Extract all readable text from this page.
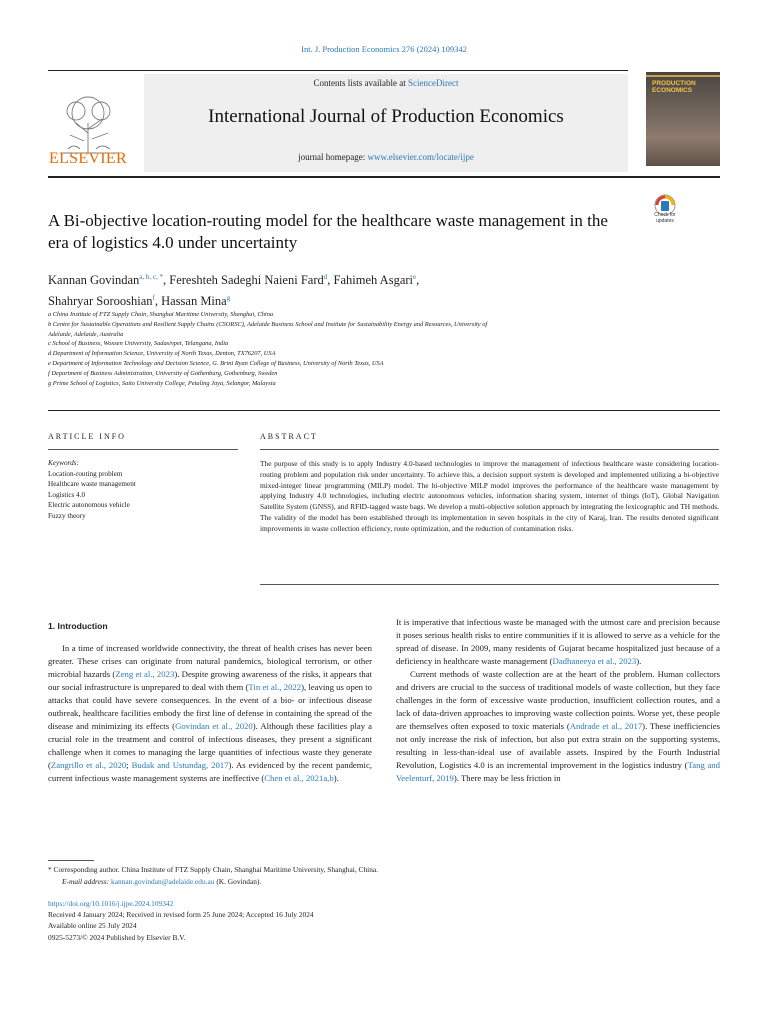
Int. J. Production Economics 276 (2024) 109342
ELSEVIER
Contents lists available at ScienceDirect
International Journal of Production Economics
journal homepage: www.elsevier.com/locate/ijpe
PRODUCTION ECONOMICS
A Bi-objective location-routing model for the healthcare waste management in the era of logistics 4.0 under uncertainty
Check for updates
Kannan Govindan$^{a, b, c, *}$, Fereshteh Sadeghi Naieni Fard$^d$, Fahimeh Asgari$^e$,
Shahryar Sorooshian$^f$, Hassan Mina$^g$
a China Institute of FTZ Supply Chain, Shanghai Maritime University, Shanghai, China
b Centre for Sustainable Operations and Resilient Supply Chains (CSORSC), Adelaide Business School and Institute for Sustainability Energy and Resources, University of
Adelaide, Adelaide, Australia
c School of Business, Woxsen University, Sadasivpet, Telangana, India
d Department of Information Science, University of North Texas, Denton, TX76207, USA
e Department of Information Technology and Decision Science, G. Brint Ryan College of Business, University of North Texas, USA
f Department of Business Administration, University of Gothenburg, Gothenburg, Sweden
g Prime School of Logistics, Saito University College, Petaling Jaya, Selangor, Malaysia
ARTICLE INFO
Keywords:
Location-routing problem
Healthcare waste management
Logistics 4.0
Electric autonomous vehicle
Fuzzy theory
ABSTRACT
The purpose of this study is to apply Industry 4.0-based technologies to improve the management of infectious healthcare waste considering location-routing problem and population risk under uncertainty. To achieve this, a decision support system is developed and implemented utilizing a bi-objective mixed-integer linear programming (MILP) model. The bi-objective MILP model improves the performance of the healthcare waste management by applying Industry 4.0 technologies, including electric autonomous vehicles, information sharing system, internet of things (IoT), Global Navigation Satellite System (GNSS), and RFID-tagged waste bags. We develop a multi-objective solution approach by integrating the lexicographic and TH methods. The validity of the model has been established through its implementation in seven hospitals in the city of Karaj, Iran. The results denoted significant improvements in waste collection efficiency, route optimization, and the reduction of contamination risks.
1. Introduction

In a time of increased worldwide connectivity, the threat of health crises has never been greater. These crises can originate from natural pandemics, biological terrorism, or other microbial hazards (Zeng et al., 2023). Despite growing awareness of the risks, it appears that our social infrastructure is unprepared to deal with them (Tin et al., 2022), leaving us open to attacks that could have severe consequences. In the event of a bio- or infectious disease outbreak, healthcare facilities embody the first line of defense in containing the spread of the disease and minimizing its effects (Govindan et al., 2020). Although these facilities play a crucial role in the treatment and control of infectious diseases, they present a significant challenge when it comes to managing the large quantities of infectious waste they generate (Zangrillo et al., 2020; Budak and Ustundag, 2017). As evidenced by the recent pandemic, current infectious waste management systems are ineffective (Chen et al., 2021a,b).

It is imperative that infectious waste be managed with the utmost care and precision because it poses serious health risks to entire communities if it is allowed to serve as a vehicle for the spread of disease. In 2009, many residents of Gujarat became hospitalized just because of a deficiency in healthcare waste management (Dadhaneeya et al., 2023).

Current methods of waste collection are at the heart of the problem. Human collectors and drivers are crucial to the success of traditional models of waste collection, but they face challenges in the form of excessive waste production, insufficient collection routes, and a lack of data-driven approaches to improving waste collection points. Worse yet, these people are themselves often exposed to toxic materials (Andrade et al., 2017). These inefficiencies not only increase the risk of infection, but also put extra strain on the supporting systems, resulting in less-than-ideal use of available assets. Inspired by the Fourth Industrial Revolution, Logistics 4.0 is an incremental improvement in the logistics industry (Tang and Veelenturf, 2019). There may be less friction in

* Corresponding author. China Institute of FTZ Supply Chain, Shanghai Maritime University, Shanghai, China.
E-mail address: kannan.govindan@adelaide.edu.au (K. Govindan).
https://doi.org/10.1016/j.ijpe.2024.109342
Received 4 January 2024; Received in revised form 25 June 2024; Accepted 16 July 2024
Available online 25 July 2024
0925-5273/© 2024 Published by Elsevier B.V.
